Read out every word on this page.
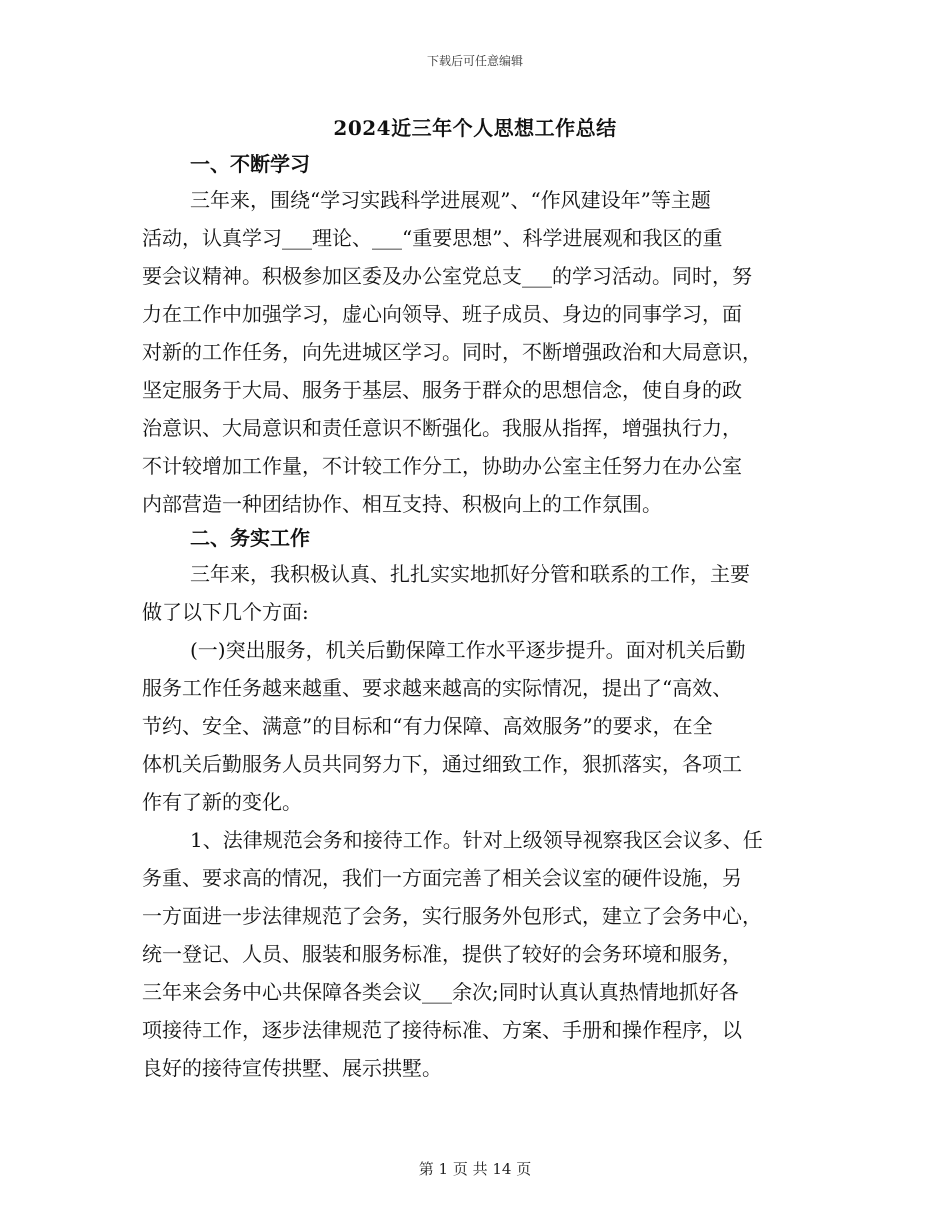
下载后可任意编辑
2024近三年个人思想工作总结
一、不断学习
三年来，围绕“学习实践科学进展观”、“作风建设年”等主题
活动，认真学习___理论、___“重要思想”、科学进展观和我区的重
要会议精神。积极参加区委及办公室党总支___的学习活动。同时，努
力在工作中加强学习，虚心向领导、班子成员、身边的同事学习，面
对新的工作任务，向先进城区学习。同时，不断增强政治和大局意识，
坚定服务于大局、服务于基层、服务于群众的思想信念，使自身的政
治意识、大局意识和责任意识不断强化。我服从指挥，增强执行力，
不计较增加工作量，不计较工作分工，协助办公室主任努力在办公室
内部营造一种团结协作、相互支持、积极向上的工作氛围。
二、务实工作
三年来，我积极认真、扎扎实实地抓好分管和联系的工作，主要
做了以下几个方面:
(一)突出服务，机关后勤保障工作水平逐步提升。面对机关后勤
服务工作任务越来越重、要求越来越高的实际情况，提出了“高效、
节约、安全、满意”的目标和“有力保障、高效服务”的要求，在全
体机关后勤服务人员共同努力下，通过细致工作，狠抓落实，各项工
作有了新的变化。
1、法律规范会务和接待工作。针对上级领导视察我区会议多、任
务重、要求高的情况，我们一方面完善了相关会议室的硬件设施，另
一方面进一步法律规范了会务，实行服务外包形式，建立了会务中心，
统一登记、人员、服装和服务标准，提供了较好的会务环境和服务，
三年来会务中心共保障各类会议___余次;同时认真认真热情地抓好各
项接待工作，逐步法律规范了接待标准、方案、手册和操作程序，以
良好的接待宣传拱墅、展示拱墅。
第 1 页 共 14 页
